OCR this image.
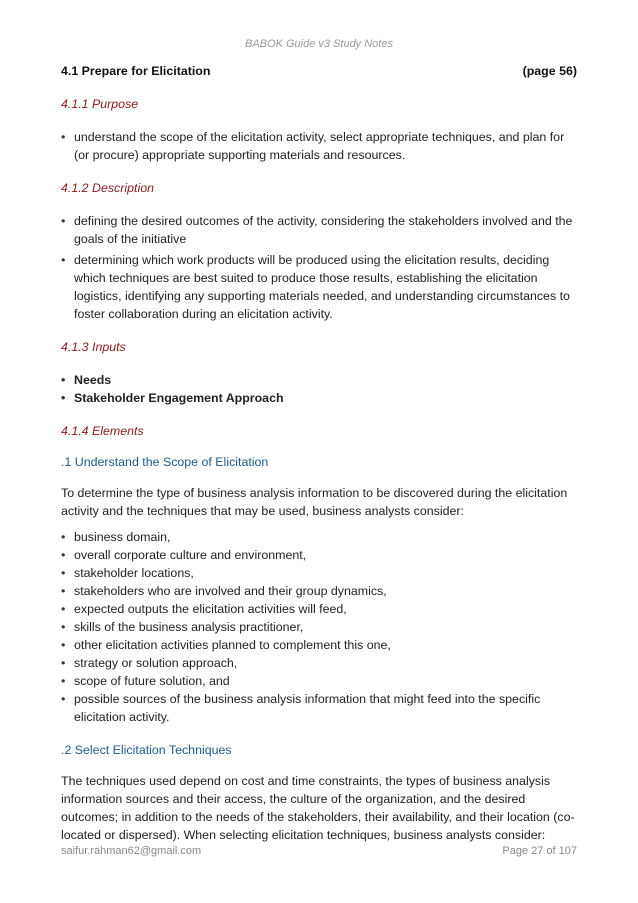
BABOK Guide v3 Study Notes
4.1 Prepare for Elicitation	(page 56)
4.1.1 Purpose
• understand the scope of the elicitation activity, select appropriate techniques, and plan for (or procure) appropriate supporting materials and resources.
4.1.2 Description
• defining the desired outcomes of the activity, considering the stakeholders involved and the goals of the initiative
• determining which work products will be produced using the elicitation results, deciding which techniques are best suited to produce those results, establishing the elicitation logistics, identifying any supporting materials needed, and understanding circumstances to foster collaboration during an elicitation activity.
4.1.3 Inputs
• Needs
• Stakeholder Engagement Approach
4.1.4 Elements
.1 Understand the Scope of Elicitation

To determine the type of business analysis information to be discovered during the elicitation activity and the techniques that may be used, business analysts consider:

• business domain,
• overall corporate culture and environment,
• stakeholder locations,
• stakeholders who are involved and their group dynamics,
• expected outputs the elicitation activities will feed,
• skills of the business analysis practitioner,
• other elicitation activities planned to complement this one,
• strategy or solution approach,
• scope of future solution, and
• possible sources of the business analysis information that might feed into the specific elicitation activity.
.2 Select Elicitation Techniques

The techniques used depend on cost and time constraints, the types of business analysis information sources and their access, the culture of the organization, and the desired outcomes; in addition to the needs of the stakeholders, their availability, and their location (co-located or dispersed). When selecting elicitation techniques, business analysts consider:

saifur.rahman62@gmail.com	Page 27 of 107
